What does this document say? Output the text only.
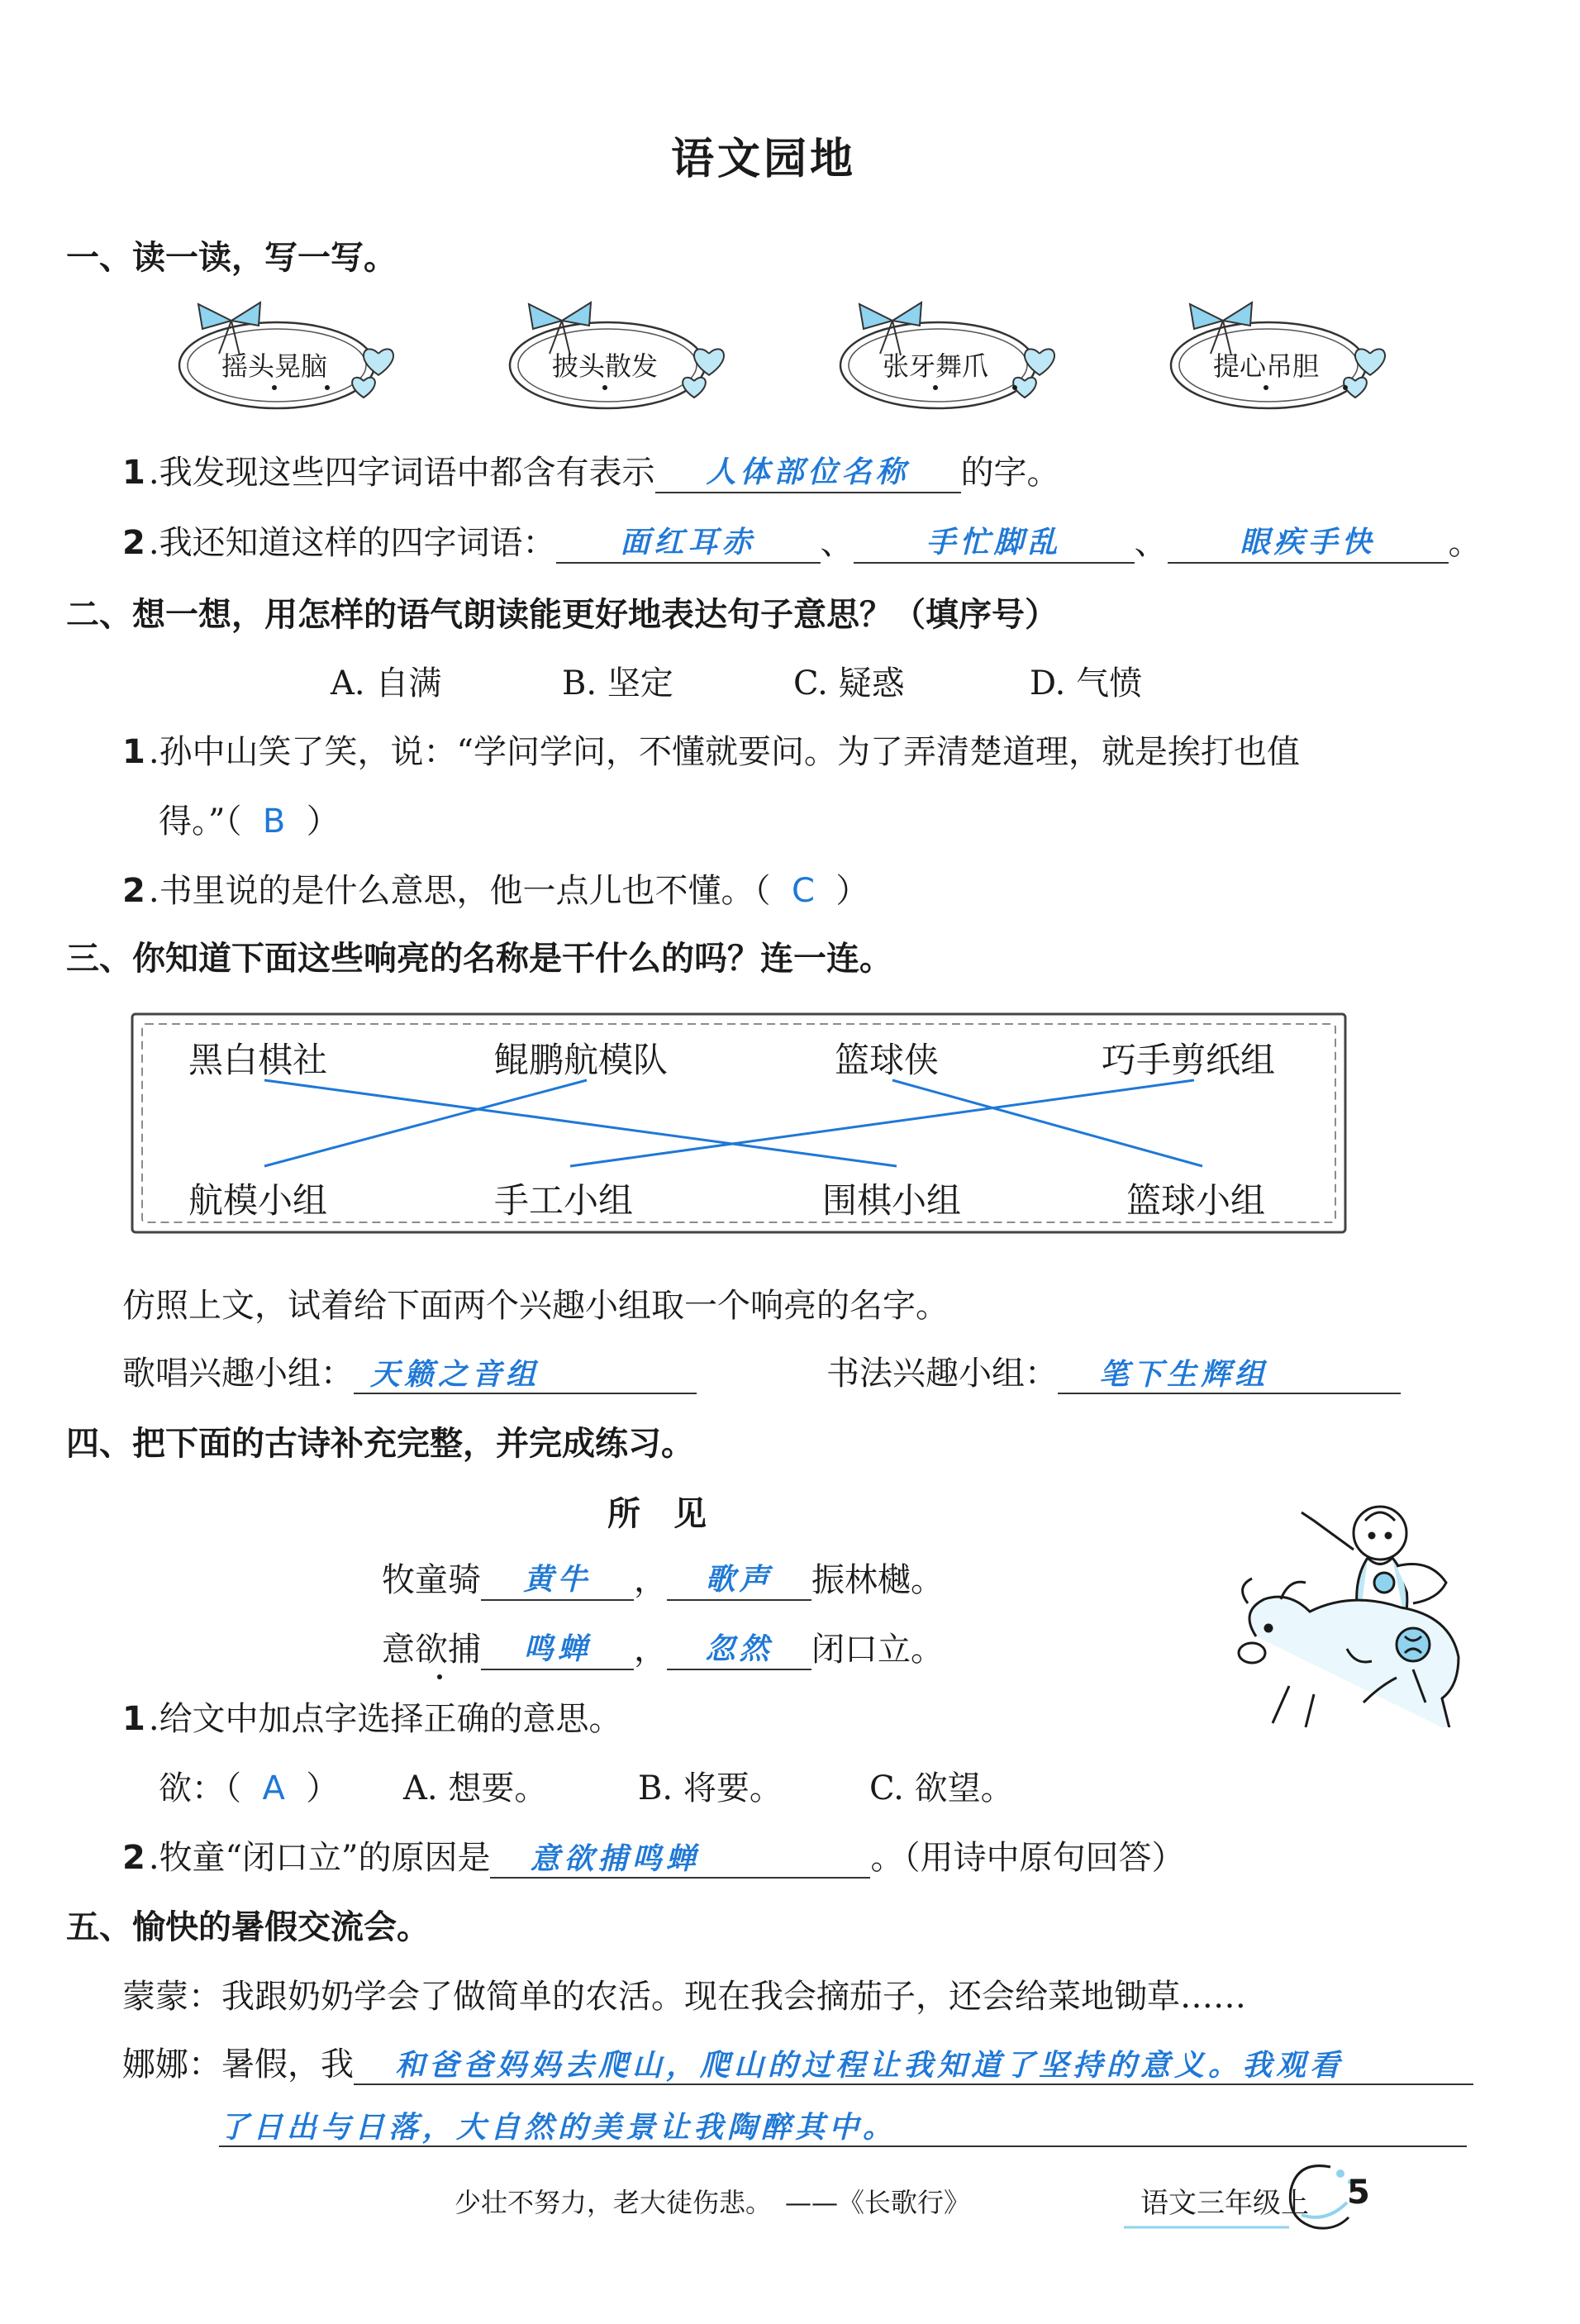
语文园地
一、读一读，写一写。
摇头晃脑	披头散发	张牙舞爪	提心吊胆
1 .我发现这些四字词语中都含有表示 人体部位名称 的字。
2 .我还知道这样的四字词语： 面红耳赤 、 手忙脚乱 、 眼疾手快 。
二、想一想，用怎样的语气朗读能更好地表达句子意思？（填序号）
A. 自满	B. 坚定	C. 疑惑	D. 气愤
1 .孙中山笑了笑，说：“学问学问，不懂就要问。为了弄清楚道理，就是挨打也值
得。”（ B ）
2 .书里说的是什么意思，他一点儿也不懂。（ C ）
三、你知道下面这些响亮的名称是干什么的吗？连一连。
黑白棋社	鲲鹏航模队	篮球侠	巧手剪纸组
航模小组	手工小组	围棋小组	篮球小组
仿照上文，试着给下面两个兴趣小组取一个响亮的名字。
歌唱兴趣小组： 天籁之音组	书法兴趣小组： 笔下生辉组
四、把下面的古诗补充完整，并完成练习。
所　见
牧童骑 黄牛 ， 歌声 振林樾。
意欲捕 鸣蝉 ， 忽然 闭口立。
1 .给文中加点字选择正确的意思。
欲：（ A ） A. 想要。	B. 将要。	C. 欲望。
2 .牧童“闭口立”的原因是 意欲捕鸣蝉	。（用诗中原句回答）
五、愉快的暑假交流会。
蒙蒙：我跟奶奶学会了做简单的农活。现在我会摘茄子，还会给菜地锄草……
娜娜：暑假，我 和爸爸妈妈去爬山，爬山的过程让我知道了坚持的意义。我观看
了日出与日落，大自然的美景让我陶醉其中。
少壮不努力，老大徒伤悲。　——《长歌行》	语文三年级上 5
